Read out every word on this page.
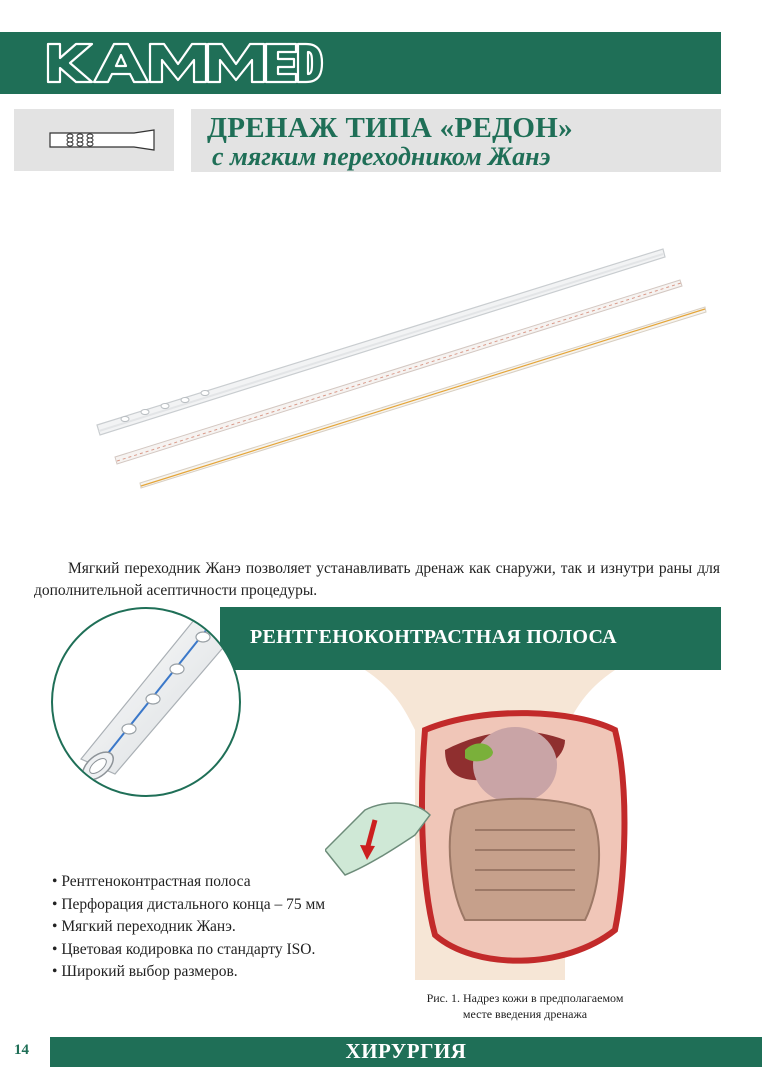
ДРЕНАЖ ТИПА «РЕДОН»
с мягким переходником Жанэ
Мягкий переходник Жанэ позволяет устанавливать дренаж как снаружи, так и изнутри раны для дополнительной асептичности процедуры.
РЕНТГЕНОКОНТРАСТНАЯ ПОЛОСА
Рис. 1. Надрез кожи в предполагаемом
месте введения дренажа
• Рентгеноконтрастная полоса
• Перфорация дистального конца – 75 мм
• Мягкий переходник Жанэ.
• Цветовая кодировка по стандарту ISO.
• Широкий выбор размеров.
14	ХИРУРГИЯ
